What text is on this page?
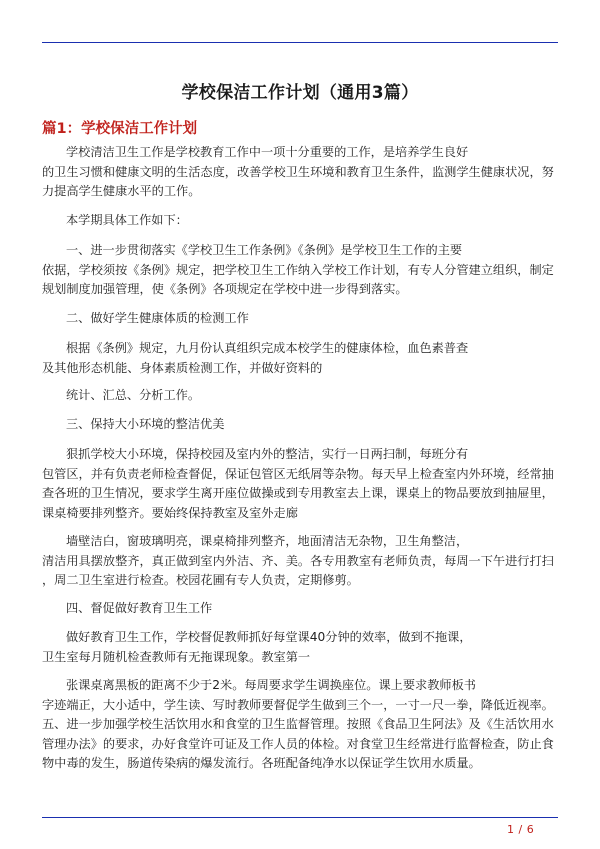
学校保洁工作计划（通用3篇）
篇1：学校保洁工作计划
学校清洁卫生工作是学校教育工作中一项十分重要的工作，是培养学生良好
的卫生习惯和健康文明的生活态度，改善学校卫生环境和教育卫生条件，监测学生健康状况，努
力提高学生健康水平的工作。
本学期具体工作如下：
一、进一步贯彻落实《学校卫生工作条例》《条例》是学校卫生工作的主要
依据，学校须按《条例》规定，把学校卫生工作纳入学校工作计划，有专人分管建立组织，制定
规划制度加强管理，使《条例》各项规定在学校中进一步得到落实。
二、做好学生健康体质的检测工作
根据《条例》规定，九月份认真组织完成本校学生的健康体检，血色素普查
及其他形态机能、身体素质检测工作，并做好资料的
统计、汇总、分析工作。
三、保持大小环境的整洁优美
狠抓学校大小环境，保持校园及室内外的整洁，实行一日两扫制，每班分有
包管区，并有负责老师检查督促，保证包管区无纸屑等杂物。每天早上检查室内外环境，经常抽
查各班的卫生情况，要求学生离开座位做操或到专用教室去上课，课桌上的物品要放到抽屉里，
课桌椅要排列整齐。要始终保持教室及室外走廊
墙壁洁白，窗玻璃明亮，课桌椅排列整齐，地面清洁无杂物，卫生角整洁，
清洁用具摆放整齐，真正做到室内外洁、齐、美。各专用教室有老师负责，每周一下午进行打扫
，周二卫生室进行检查。校园花圃有专人负责，定期修剪。
四、督促做好教育卫生工作
做好教育卫生工作，学校督促教师抓好每堂课40分钟的效率，做到不拖课，
卫生室每月随机检查教师有无拖课现象。教室第一
张课桌离黑板的距离不少于2米。每周要求学生调换座位。课上要求教师板书
字迹端正，大小适中，学生读、写时教师要督促学生做到三个一，一寸一尺一拳，降低近视率。
五、进一步加强学校生活饮用水和食堂的卫生监督管理。按照《食品卫生阿法》及《生活饮用水
管理办法》的要求，办好食堂许可证及工作人员的体检。对食堂卫生经常进行监督检查，防止食
物中毒的发生，肠道传染病的爆发流行。各班配备纯净水以保证学生饮用水质量。
1 / 6
